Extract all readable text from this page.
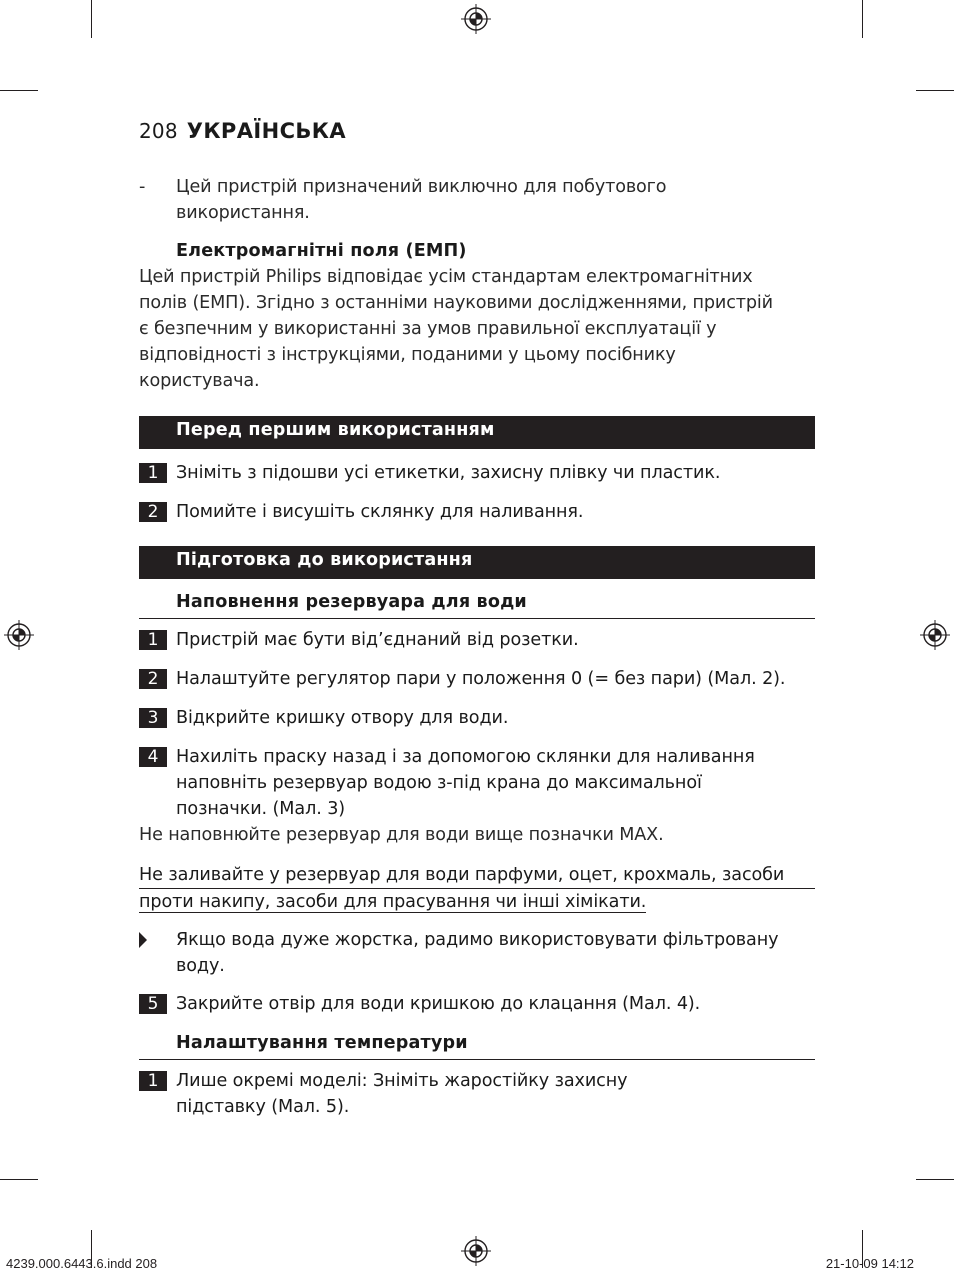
208 УКРАЇНСЬКА
-	Цей пристрій призначений виключно для побутового
використання.
Електромагнітні поля (ЕМП)
Цей пристрій Philips відповідає усім стандартам електромагнітних
полів (ЕМП). Згідно з останніми науковими дослідженнями, пристрій
є безпечним у використанні за умов правильної експлуатації у
відповідності з інструкціями, поданими у цьому посібнику
користувача.
Перед першим використанням
1	Зніміть з підошви усі етикетки, захисну плівку чи пластик.
2	Помийте і висушіть склянку для наливання.
Підготовка до використання
Наповнення резервуара для води
1	Пристрій має бути від’єднаний від розетки.
2	Налаштуйте регулятор пари у положення 0 (= без пари) (Мал. 2).
3	Відкрийте кришку отвору для води.
4	Нахиліть праску назад і за допомогою склянки для наливання
наповніть резервуар водою з-під крана до максимальної
позначки. (Мал. 3)
Не наповнюйте резервуар для води вище позначки MAX.
Не заливайте у резервуар для води парфуми, оцет, крохмаль, засоби
проти накипу, засоби для прасування чи інші хімікати.
Якщо вода дуже жорстка, радимо використовувати фільтровану
воду.
5	Закрийте отвір для води кришкою до клацання (Мал. 4).
Налаштування температури
1	Лише окремі моделі: Зніміть жаростійку захисну
підставку (Мал. 5).
4239.000.6443.6.indd 208	21-10-09 14:12
